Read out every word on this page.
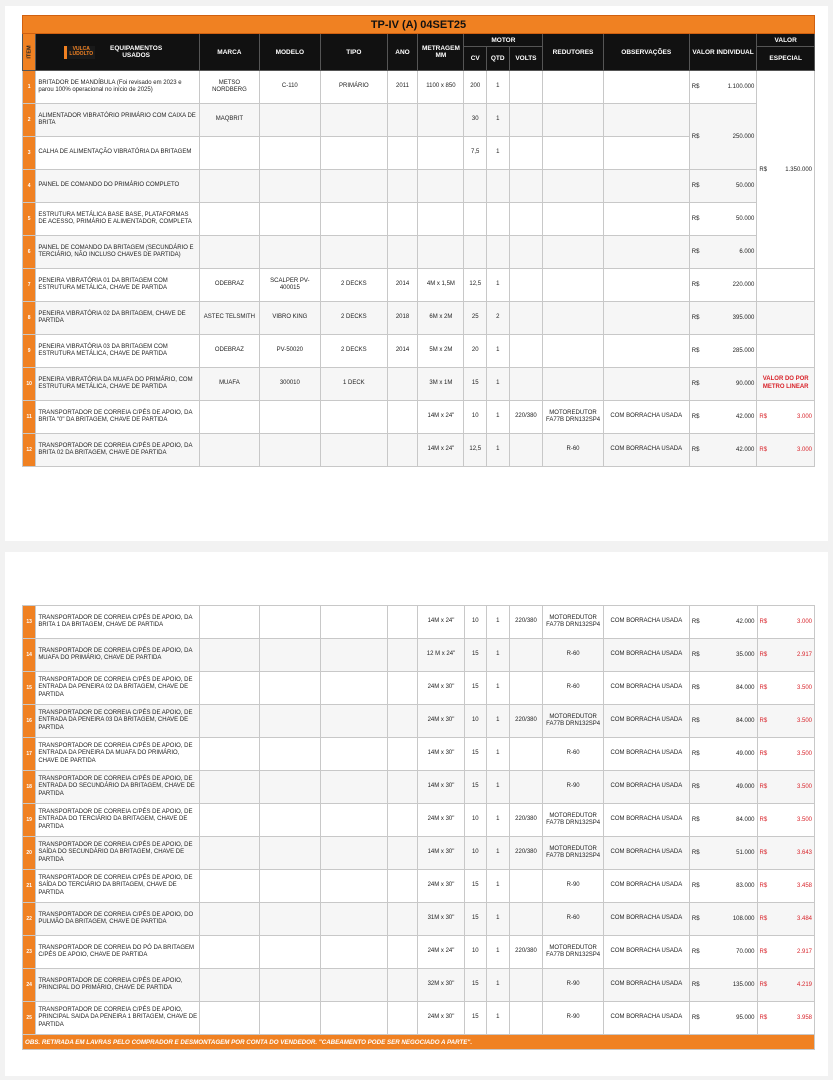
TP-IV (A) 04SET25													
ITEM	VULCA
LUDOLTO
EQUIPAMENTOS USADOS	MARCA	MODELO	TIPO	ANO	METRAGEM MM	MOTOR			REDUTORES	OBSERVAÇÕES	VALOR INDIVIDUAL	VALOR
							CV	QTD	VOLTS				ESPECIAL
1	BRITADOR DE MANDÍBULA (Foi revisado em 2023 e parou 100% operacional no início de 2025)	METSO NORDBERG	C-110	PRIMÁRIO	2011	1100 x 850	200	1				R$ 1.100.000	R$ 1.350.000

2	ALIMENTADOR VIBRATÓRIO PRIMÁRIO COM CAIXA DE BRITA	MAQBRIT					30	1				R$ 250.000	

3	CALHA DE ALIMENTAÇÃO VIBRATÓRIA DA BRITAGEM						7,5	1					
4	PAINEL DE COMANDO DO PRIMÁRIO COMPLETO											R$ 50.000	

5	ESTRUTURA METÁLICA BASE BASE, PLATAFORMAS DE ACESSO, PRIMÁRIO E ALIMENTADOR, COMPLETA											R$ 50.000	

6	PAINEL DE COMANDO DA BRITAGEM (SECUNDÁRIO E TERCIÁRIO, NÃO INCLUSO CHAVES DE PARTIDA)											R$ 6.000	

7	PENEIRA VIBRATÓRIA 01 DA BRITAGEM COM ESTRUTURA METÁLICA, CHAVE DE PARTIDA	ODEBRAZ	SCALPER PV-400015	2 DECKS	2014	4M x 1,5M	12,5	1				R$ 220.000	

8	PENEIRA VIBRATÓRIA 02 DA BRITAGEM, CHAVE DE PARTIDA	ASTEC TELSMITH	VIBRO KING	2 DECKS	2018	6M x 2M	25	2				R$ 395.000	

9	PENEIRA VIBRATÓRIA 03 DA BRITAGEM COM ESTRUTURA METÁLICA, CHAVE DE PARTIDA	ODEBRAZ	PV-50020	2 DECKS	2014	5M x 2M	20	1				R$ 285.000	

10	PENEIRA VIBRATÓRIA DA MUAFA DO PRIMÁRIO, COM ESTRUTURA METÁLICA, CHAVE DE PARTIDA	MUAFA	300010	1 DECK		3M x 1M	15	1				R$ 90.000	VALOR DO POR METRO LINEAR
11	TRANSPORTADOR DE CORREIA C/PÉS DE APOIO, DA BRITA "0" DA BRITAGEM, CHAVE DE PARTIDA					14M x 24"	10	1	220/380	MOTOREDUTOR FA77B DRN132SP4	COM BORRACHA USADA	R$ 42.000	R$ 3.000

12	TRANSPORTADOR DE CORREIA C/PÉS DE APOIO, DA BRITA 02 DA BRITAGEM, CHAVE DE PARTIDA					14M x 24"	12,5	1		R-60	COM BORRACHA USADA	R$ 42.000	R$ 3.000
13	TRANSPORTADOR DE CORREIA C/PÉS DE APOIO, DA BRITA 1 DA BRITAGEM, CHAVE DE PARTIDA					14M x 24"	10	1	220/380	MOTOREDUTOR FA77B DRN132SP4	COM BORRACHA USADA	R$ 42.000	R$ 3.000

14	TRANSPORTADOR DE CORREIA C/PÉS DE APOIO, DA MUAFA DO PRIMÁRIO, CHAVE DE PARTIDA					12 M x 24"	15	1		R-60	COM BORRACHA USADA	R$ 35.000	R$ 2.917

15	TRANSPORTADOR DE CORREIA C/PÉS DE APOIO, DE ENTRADA DA PENEIRA 02 DA BRITAGEM, CHAVE DE PARTIDA					24M x 30"	15	1		R-60	COM BORRACHA USADA	R$ 84.000	R$ 3.500

16	TRANSPORTADOR DE CORREIA C/PÉS DE APOIO, DE ENTRADA DA PENEIRA 03 DA BRITAGEM, CHAVE DE PARTIDA					24M x 30"	10	1	220/380	MOTOREDUTOR FA77B DRN132SP4	COM BORRACHA USADA	R$ 84.000	R$ 3.500

17	TRANSPORTADOR DE CORREIA C/PÉS DE APOIO, DE ENTRADA DA PENEIRA DA MUAFA DO PRIMÁRIO, CHAVE DE PARTIDA					14M x 30"	15	1		R-60	COM BORRACHA USADA	R$ 49.000	R$ 3.500

18	TRANSPORTADOR DE CORREIA C/PÉS DE APOIO, DE ENTRADA DO SECUNDÁRIO DA BRITAGEM, CHAVE DE PARTIDA					14M x 30"	15	1		R-90	COM BORRACHA USADA	R$ 49.000	R$ 3.500

19	TRANSPORTADOR DE CORREIA C/PÉS DE APOIO, DE ENTRADA DO TERCIÁRIO DA BRITAGEM, CHAVE DE PARTIDA					24M x 30"	10	1	220/380	MOTOREDUTOR FA77B DRN132SP4	COM BORRACHA USADA	R$ 84.000	R$ 3.500

20	TRANSPORTADOR DE CORREIA C/PÉS DE APOIO, DE SAÍDA DO SECUNDÁRIO DA BRITAGEM, CHAVE DE PARTIDA					14M x 30"	10	1	220/380	MOTOREDUTOR FA77B DRN132SP4	COM BORRACHA USADA	R$ 51.000	R$ 3.643

21	TRANSPORTADOR DE CORREIA C/PÉS DE APOIO, DE SAÍDA DO TERCIÁRIO DA BRITAGEM, CHAVE DE PARTIDA					24M x 30"	15	1		R-90	COM BORRACHA USADA	R$ 83.000	R$ 3.458

22	TRANSPORTADOR DE CORREIA C/PÉS DE APOIO, DO PULMÃO DA BRITAGEM, CHAVE DE PARTIDA					31M x 30"	15	1		R-60	COM BORRACHA USADA	R$ 108.000	R$ 3.484

23	TRANSPORTADOR DE CORREIA DO PÓ DA BRITAGEM C/PÉS DE APOIO, CHAVE DE PARTIDA					24M x 24"	10	1	220/380	MOTOREDUTOR FA77B DRN132SP4	COM BORRACHA USADA	R$ 70.000	R$ 2.917

24	TRANSPORTADOR DE CORREIA C/PÉS DE APOIO, PRINCIPAL DO PRIMÁRIO, CHAVE DE PARTIDA					32M x 30"	15	1		R-90	COM BORRACHA USADA	R$ 135.000	R$ 4.219

25	TRANSPORTADOR DE CORREIA C/PÉS DE APOIO, PRINCIPAL SAIDA DA PENEIRA 1 BRITAGEM, CHAVE DE PARTIDA					24M x 30"	15	1		R-90	COM BORRACHA USADA	R$ 95.000	R$ 3.958

OBS. RETIRADA EM LAVRAS PELO COMPRADOR E DESMONTAGEM POR CONTA DO VENDEDOR. "CABEAMENTO PODE SER NEGOCIADO A PARTE".													
